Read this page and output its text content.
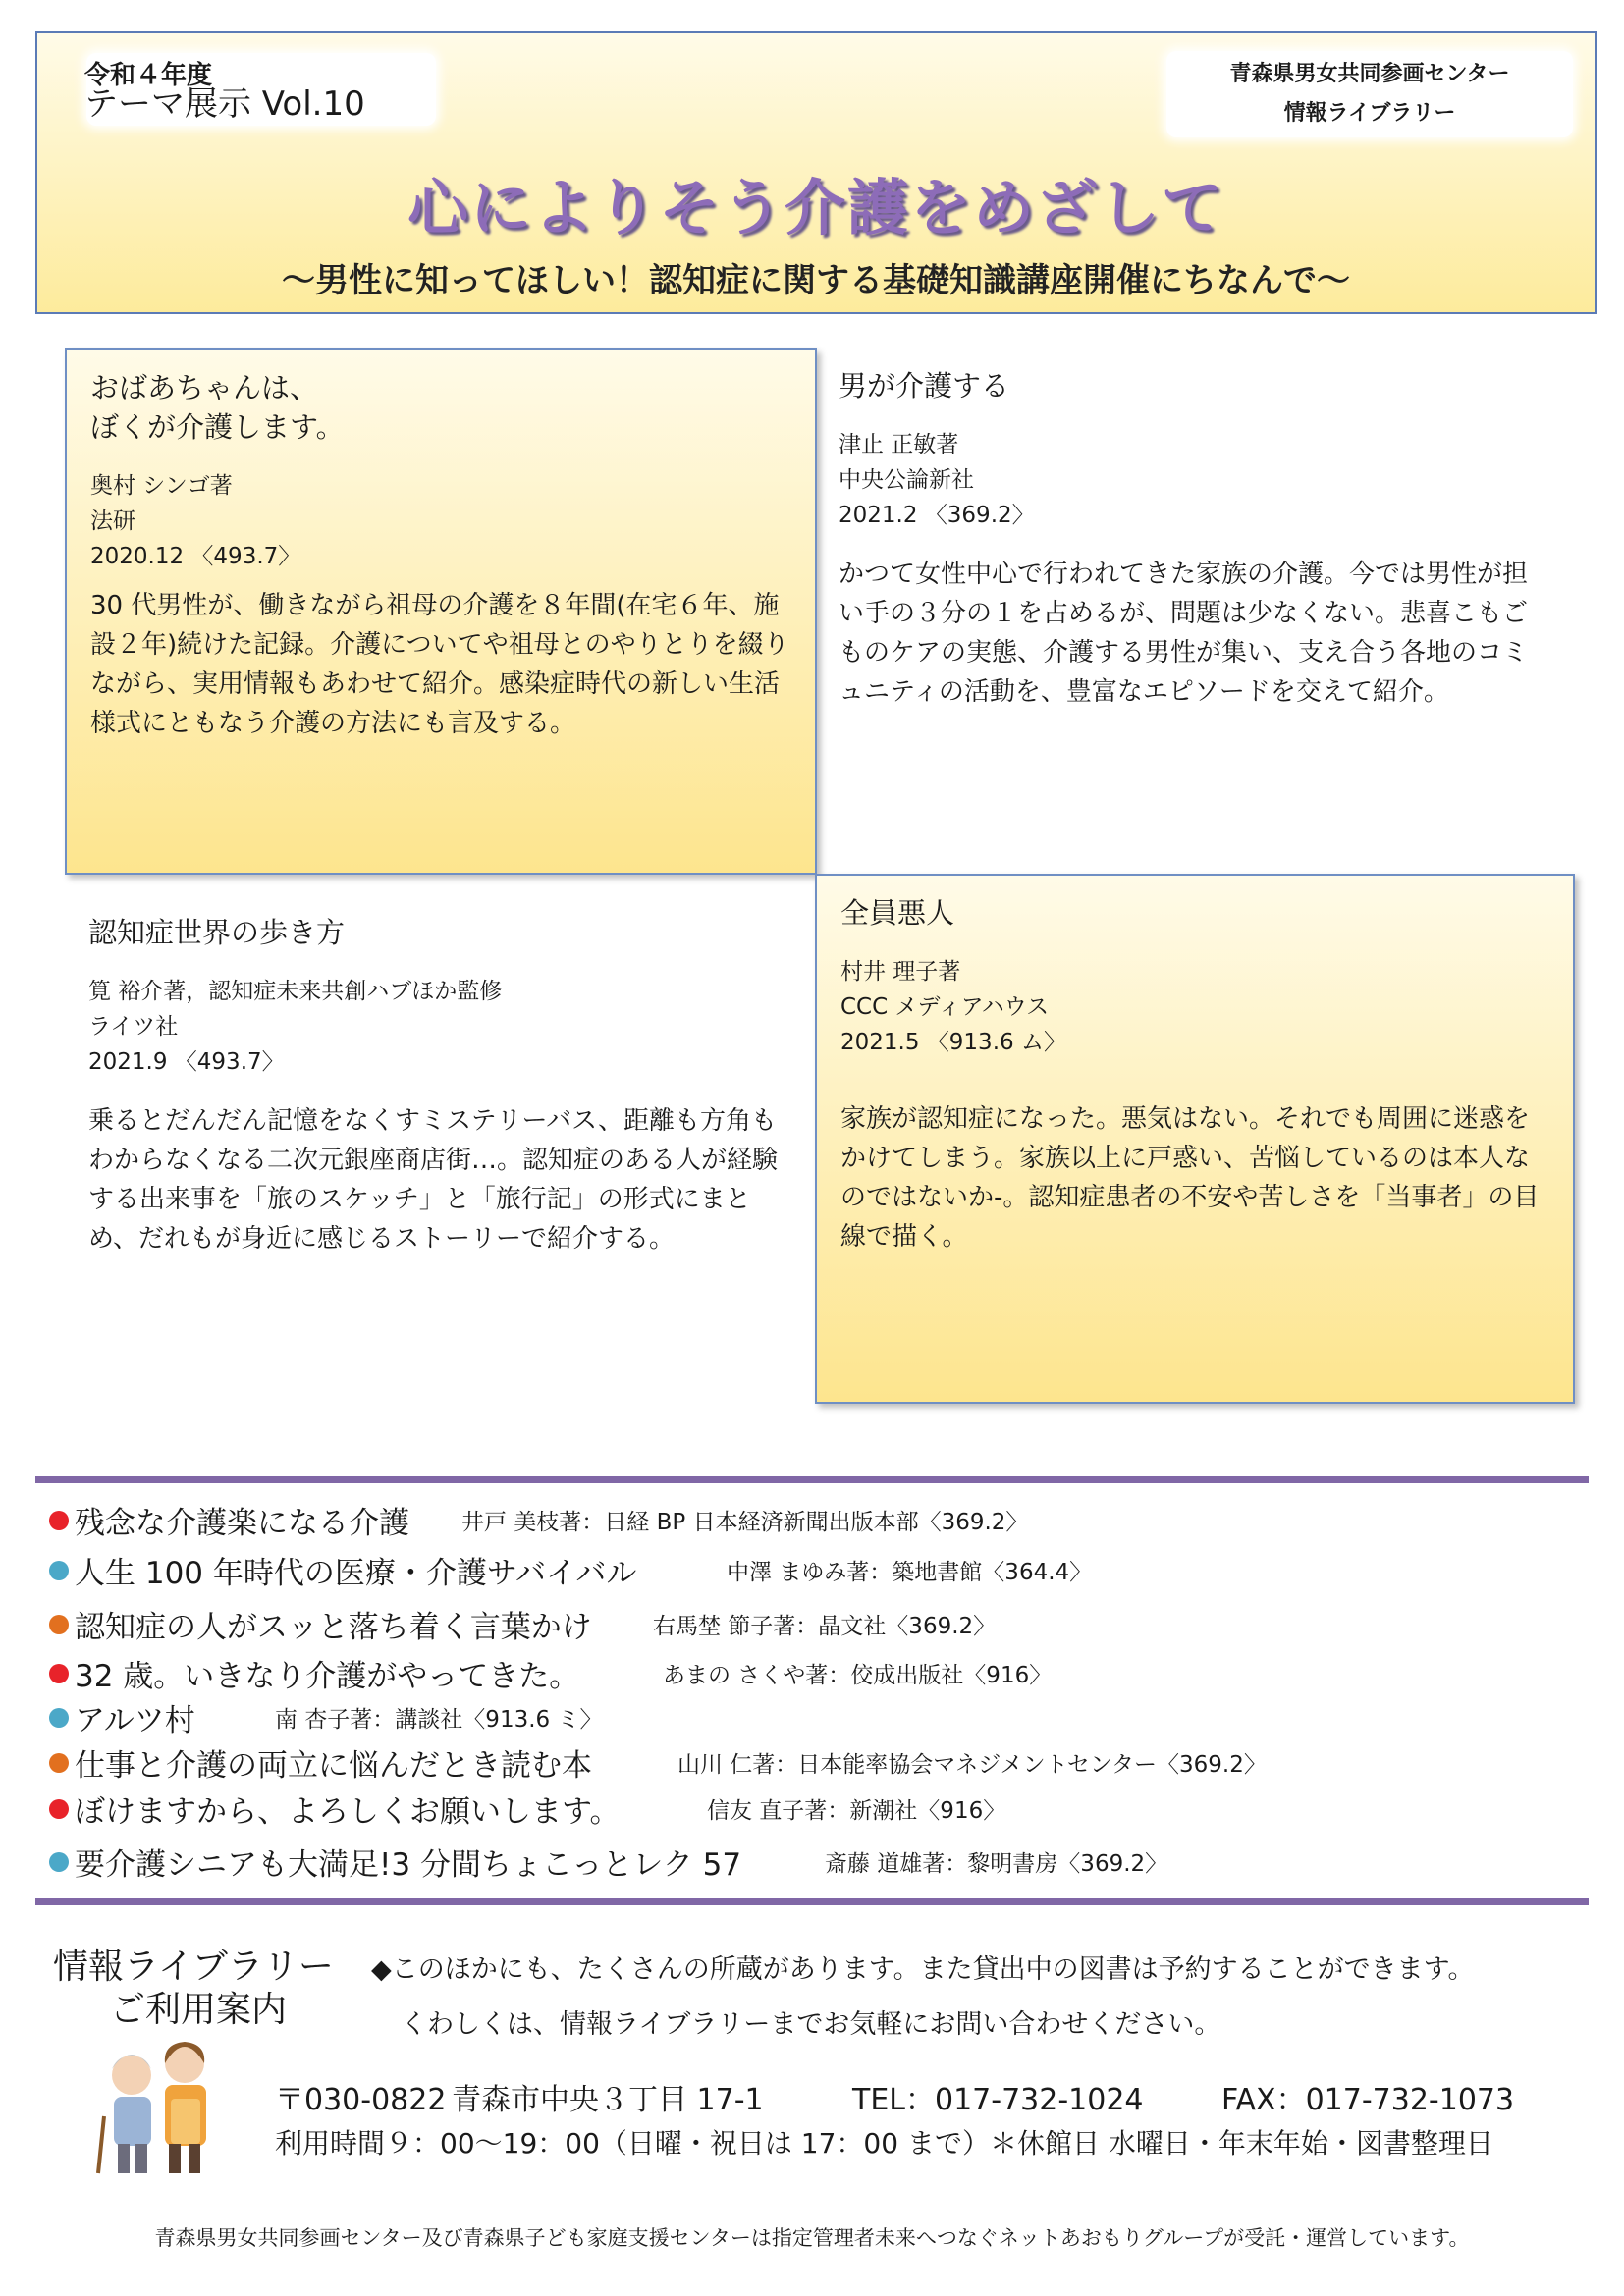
令和４年度
テーマ展示 Vol.10
青森県男女共同参画センター
情報ライブラリー
心によりそう介護をめざして
～男性に知ってほしい！認知症に関する基礎知識講座開催にちなんで～
おばあちゃんは、
ぼくが介護します。
奥村 シンゴ著
法研
2020.12 〈493.7〉
30 代男性が、働きながら祖母の介護を８年間(在宅６年、施設２年)続けた記録。介護についてや祖母とのやりとりを綴りながら、実用情報もあわせて紹介。感染症時代の新しい生活様式にともなう介護の方法にも言及する。
男が介護する
津止 正敏著
中央公論新社
2021.2 〈369.2〉
かつて女性中心で行われてきた家族の介護。今では男性が担い手の３分の１を占めるが、問題は少なくない。悲喜こもごものケアの実態、介護する男性が集い、支え合う各地のコミュニティの活動を、豊富なエピソードを交えて紹介。
認知症世界の歩き方
筧 裕介著，認知症未来共創ハブほか監修
ライツ社
2021.9 〈493.7〉
乗るとだんだん記憶をなくすミステリーバス、距離も方角もわからなくなる二次元銀座商店街…。認知症のある人が経験する出来事を「旅のスケッチ」と「旅行記」の形式にまとめ、だれもが身近に感じるストーリーで紹介する。
全員悪人
村井 理子著
CCC メディアハウス
2021.5 〈913.6 ム〉
家族が認知症になった。悪気はない。それでも周囲に迷惑をかけてしまう。家族以上に戸惑い、苦悩しているのは本人なのではないか-。認知症患者の不安や苦しさを「当事者」の目線で描く。
残念な介護楽になる介護 井戸 美枝著：日経 BP 日本経済新聞出版本部〈369.2〉
人生 100 年時代の医療・介護サバイバル	中澤 まゆみ著：築地書館〈364.4〉
認知症の人がスッと落ち着く言葉かけ	右馬埜 節子著：晶文社〈369.2〉
32 歳。いきなり介護がやってきた。	あまの さくや著：佼成出版社〈916〉
アルツ村	南 杏子著：講談社〈913.6 ミ〉
仕事と介護の両立に悩んだとき読む本	山川 仁著：日本能率協会マネジメントセンター〈369.2〉
ぼけますから、よろしくお願いします。	信友 直子著：新潮社〈916〉
要介護シニアも大満足!3 分間ちょこっとレク 57	斎藤 道雄著：黎明書房〈369.2〉
情報ライブラリー
ご利用案内
◆このほかにも、たくさんの所蔵があります。また貸出中の図書は予約することができます。
くわしくは、情報ライブラリーまでお気軽にお問い合わせください。
〒030-0822 青森市中央３丁目 17-1	TEL：017-732-1024	FAX：017-732-1073
利用時間９：00～19：00（日曜・祝日は 17：00 まで）＊休館日 水曜日・年末年始・図書整理日
青森県男女共同参画センター及び青森県子ども家庭支援センターは指定管理者未来へつなぐネットあおもりグループが受託・運営しています。
